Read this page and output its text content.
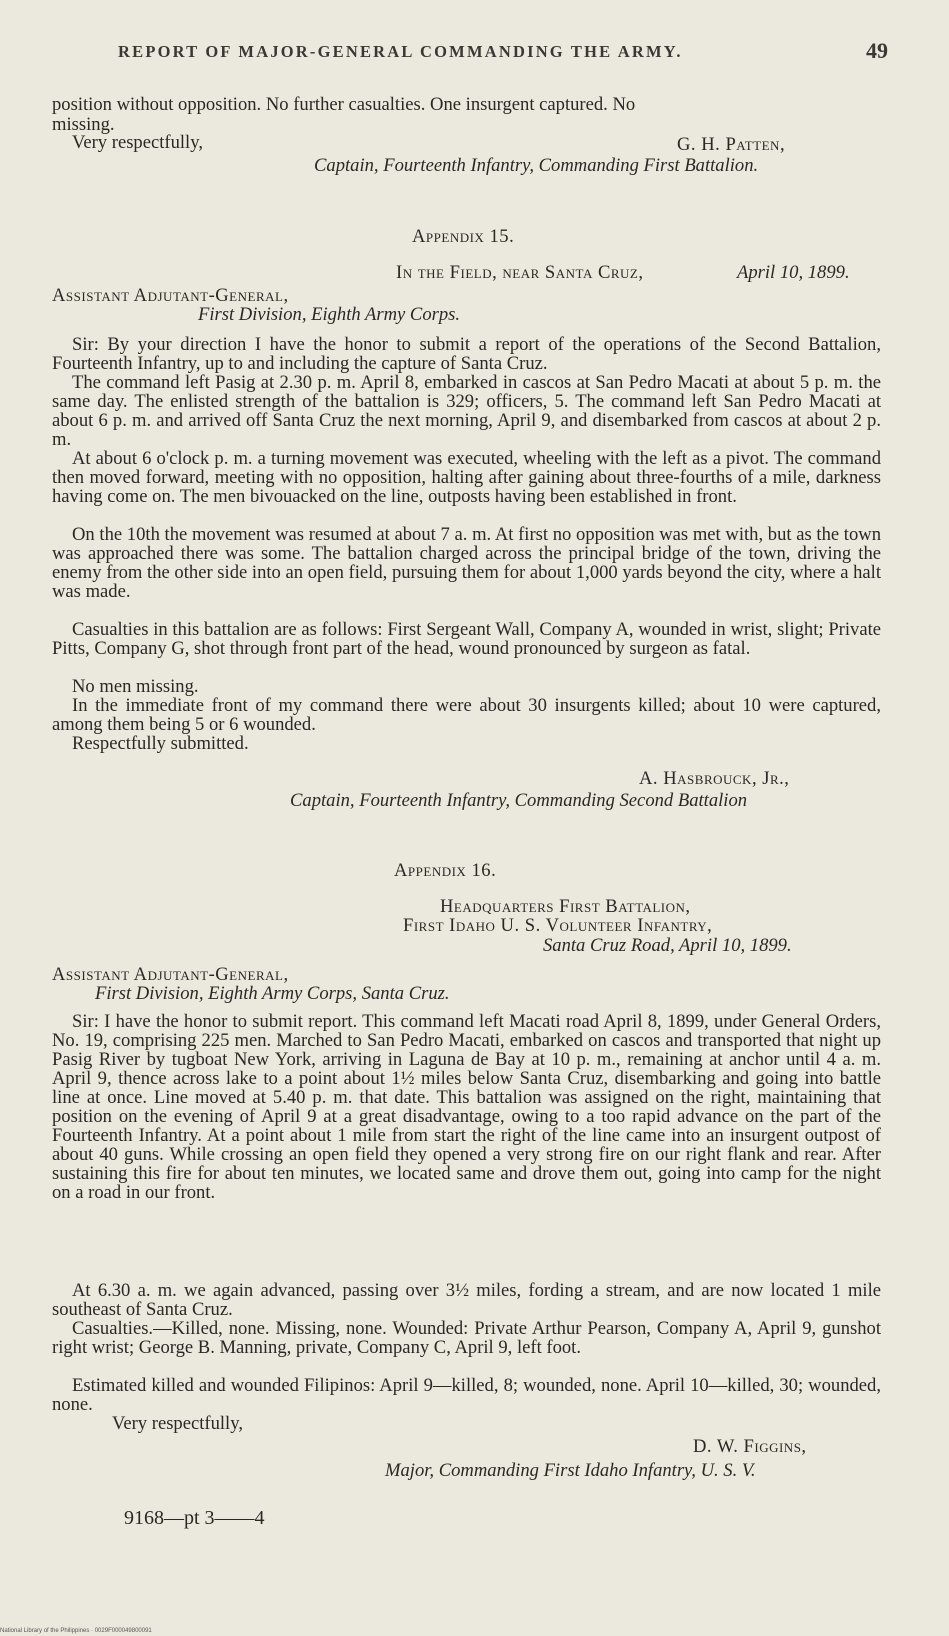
REPORT OF MAJOR-GENERAL COMMANDING THE ARMY.	49
position without opposition. No further casualties. One insurgent captured. No
missing.
Very respectfully,	G. H. Patten,
Captain, Fourteenth Infantry, Commanding First Battalion.
Appendix 15.
In the Field, near Santa Cruz,	April 10, 1899.
Assistant Adjutant-General,
First Division, Eighth Army Corps.

Sir: By your direction I have the honor to submit a report of the operations of the Second Battalion, Fourteenth Infantry, up to and including the capture of Santa Cruz.

The command left Pasig at 2.30 p. m. April 8, embarked in cascos at San Pedro Macati at about 5 p. m. the same day. The enlisted strength of the battalion is 329; officers, 5. The command left San Pedro Macati at about 6 p. m. and arrived off Santa Cruz the next morning, April 9, and disembarked from cascos at about 2 p. m.

At about 6 o'clock p. m. a turning movement was executed, wheeling with the left as a pivot. The command then moved forward, meeting with no opposition, halting after gaining about three-fourths of a mile, darkness having come on. The men bivouacked on the line, outposts having been established in front.

On the 10th the movement was resumed at about 7 a. m. At first no opposition was met with, but as the town was approached there was some. The battalion charged across the principal bridge of the town, driving the enemy from the other side into an open field, pursuing them for about 1,000 yards beyond the city, where a halt was made.

Casualties in this battalion are as follows: First Sergeant Wall, Company A, wounded in wrist, slight; Private Pitts, Company G, shot through front part of the head, wound pronounced by surgeon as fatal.

No men missing.

In the immediate front of my command there were about 30 insurgents killed; about 10 were captured, among them being 5 or 6 wounded.

Respectfully submitted.

A. Hasbrouck, Jr.,
Captain, Fourteenth Infantry, Commanding Second Battalion
Appendix 16.
Headquarters First Battalion,
First Idaho U. S. Volunteer Infantry,
Santa Cruz Road, April 10, 1899.
Assistant Adjutant-General,
First Division, Eighth Army Corps, Santa Cruz.

Sir: I have the honor to submit report. This command left Macati road April 8, 1899, under General Orders, No. 19, comprising 225 men. Marched to San Pedro Macati, embarked on cascos and transported that night up Pasig River by tugboat New York, arriving in Laguna de Bay at 10 p. m., remaining at anchor until 4 a. m. April 9, thence across lake to a point about 1½ miles below Santa Cruz, disembarking and going into battle line at once. Line moved at 5.40 p. m. that date. This battalion was assigned on the right, maintaining that position on the evening of April 9 at a great disadvantage, owing to a too rapid advance on the part of the Fourteenth Infantry. At a point about 1 mile from start the right of the line came into an insurgent outpost of about 40 guns. While crossing an open field they opened a very strong fire on our right flank and rear. After sustaining this fire for about ten minutes, we located same and drove them out, going into camp for the night on a road in our front.

At 6.30 a. m. we again advanced, passing over 3½ miles, fording a stream, and are now located 1 mile southeast of Santa Cruz.

Casualties.—Killed, none. Missing, none. Wounded: Private Arthur Pearson, Company A, April 9, gunshot right wrist; George B. Manning, private, Company C, April 9, left foot.

Estimated killed and wounded Filipinos: April 9—killed, 8; wounded, none. April 10—killed, 30; wounded, none.

Very respectfully,

D. W. Figgins,
Major, Commanding First Idaho Infantry, U. S. V.
9168—pt 3——4
National Library of the Philippines · 0029F000049800091
